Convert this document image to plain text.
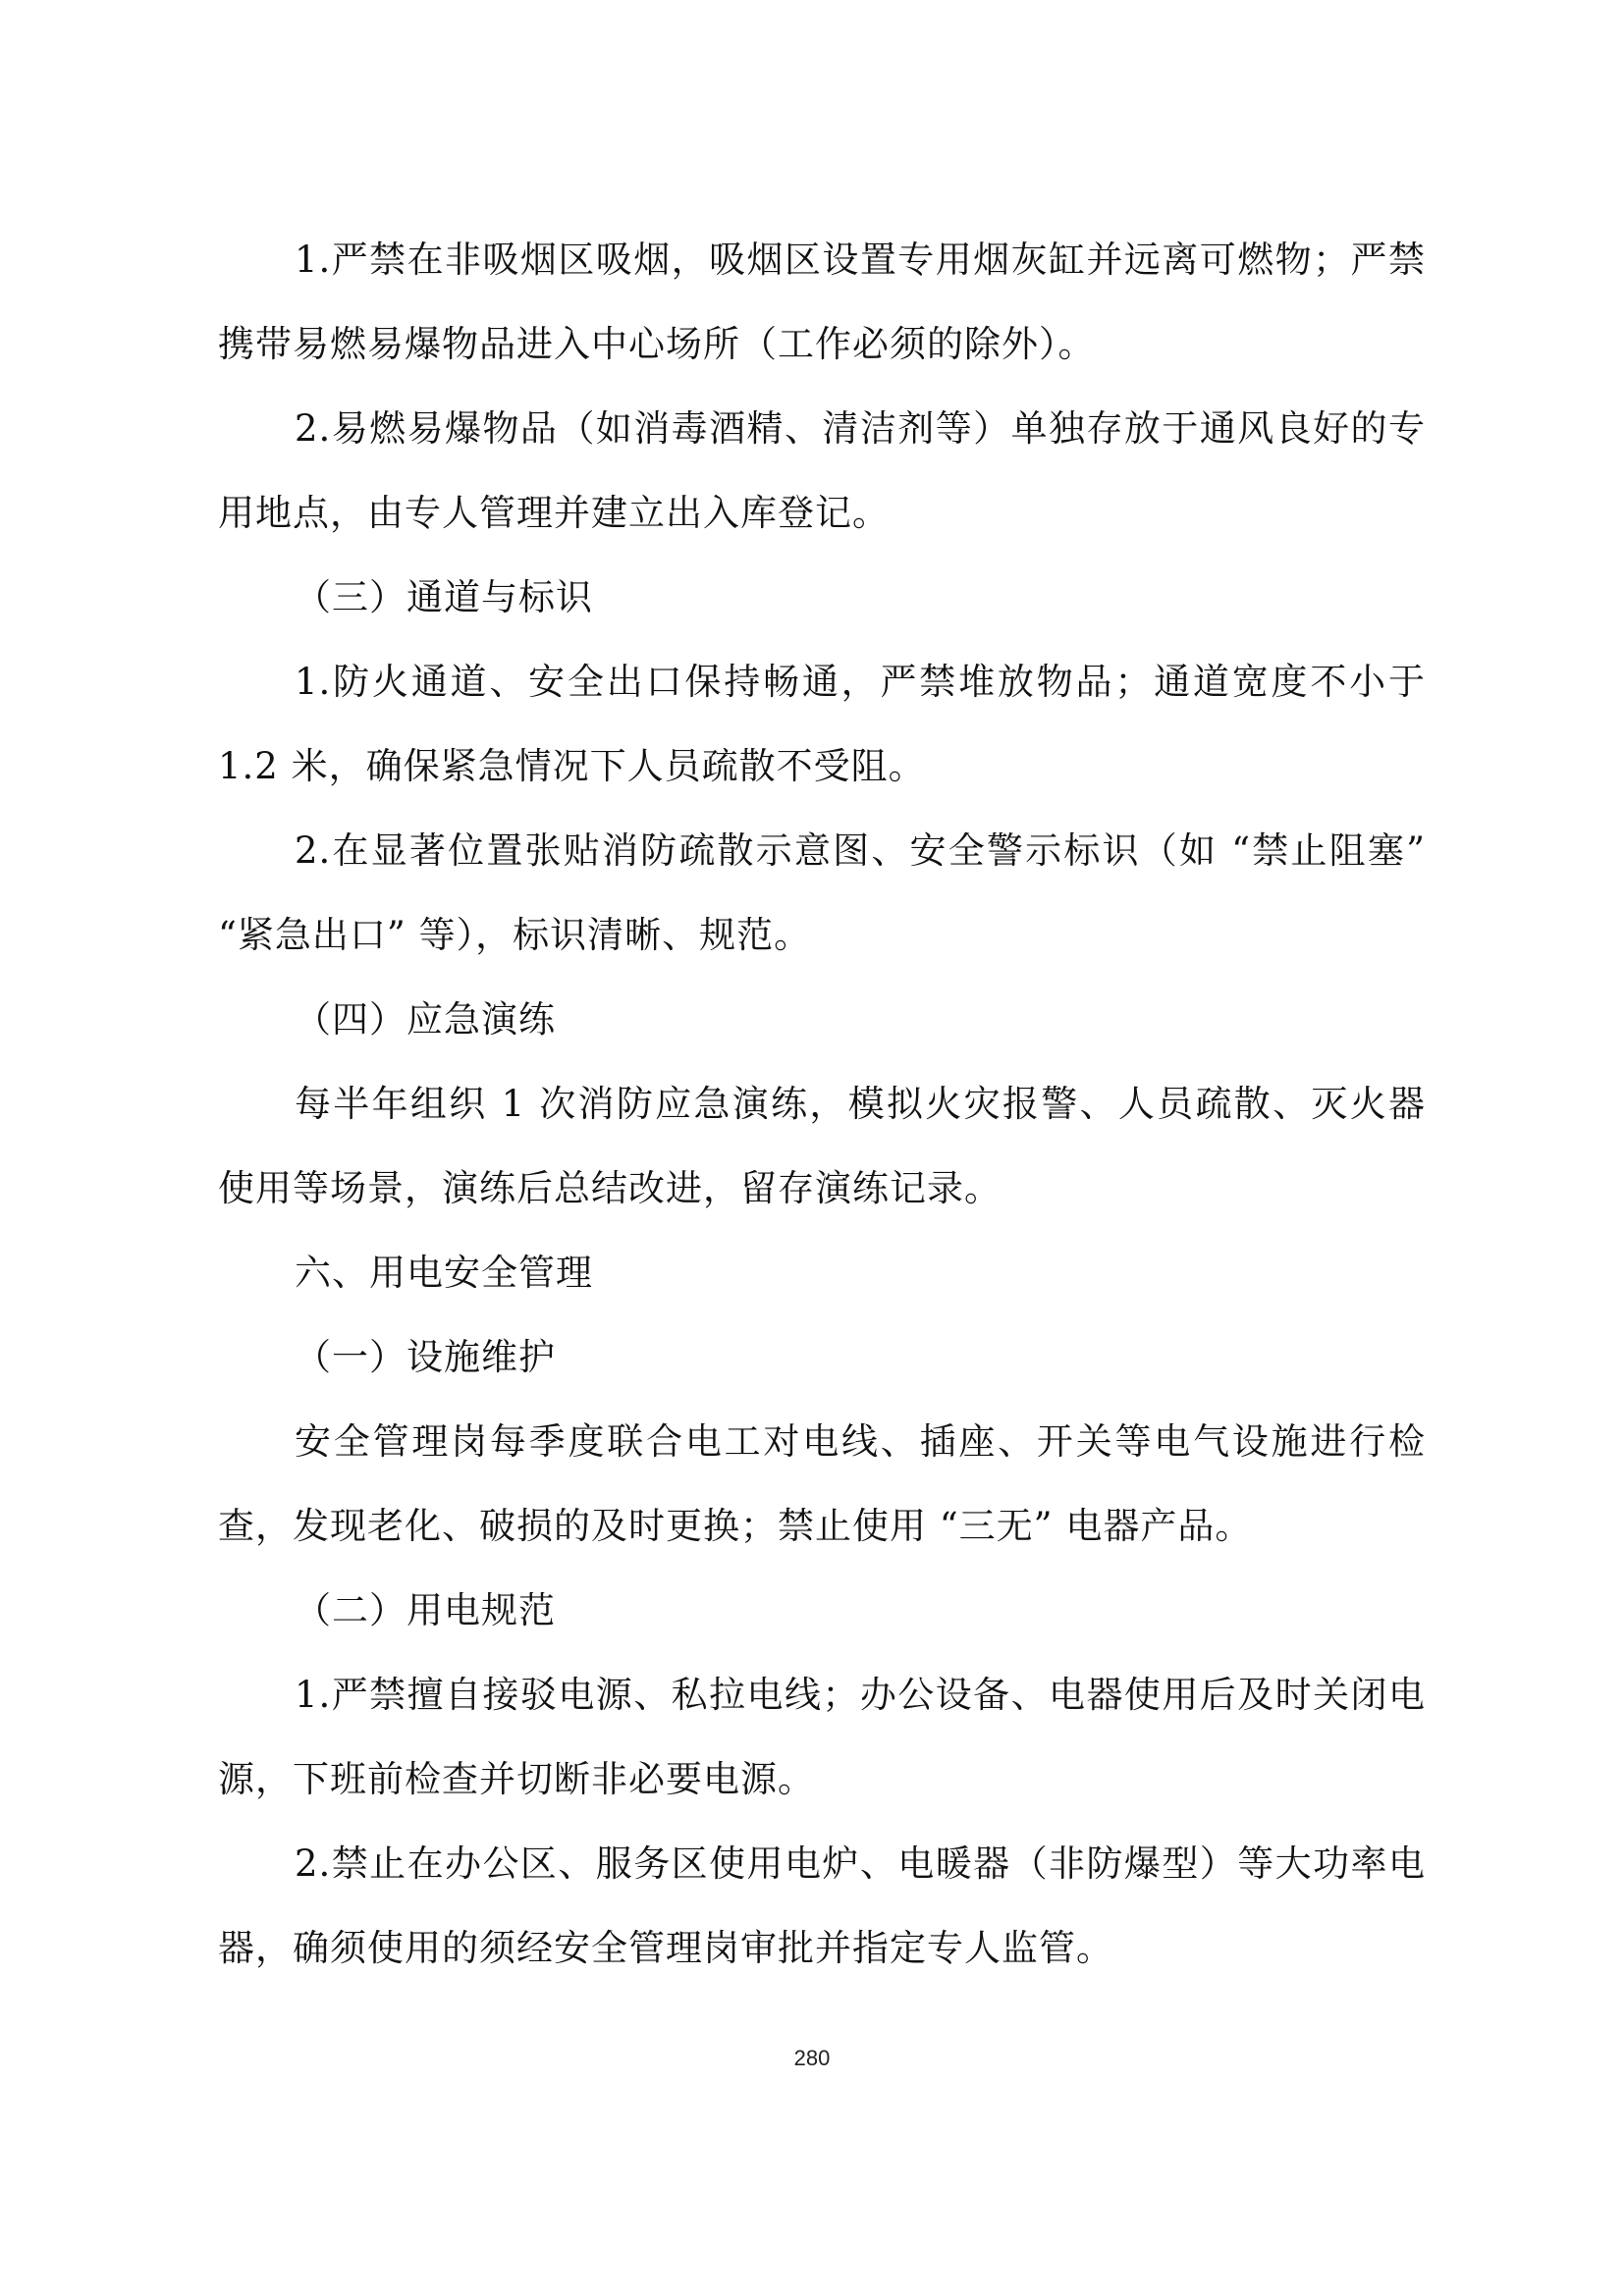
1.严禁在非吸烟区吸烟，吸烟区设置专用烟灰缸并远离可燃物；严禁携带易燃易爆物品进入中心场所（工作必须的除外）。

2.易燃易爆物品（如消毒酒精、清洁剂等）单独存放于通风良好的专用地点，由专人管理并建立出入库登记。

（三）通道与标识

1.防火通道、安全出口保持畅通，严禁堆放物品；通道宽度不小于 1.2 米，确保紧急情况下人员疏散不受阻。

2.在显著位置张贴消防疏散示意图、安全警示标识（如 “禁止阻塞” “紧急出口” 等），标识清晰、规范。

（四）应急演练

每半年组织 1 次消防应急演练，模拟火灾报警、人员疏散、灭火器使用等场景，演练后总结改进，留存演练记录。

六、用电安全管理

（一）设施维护

安全管理岗每季度联合电工对电线、插座、开关等电气设施进行检查，发现老化、破损的及时更换；禁止使用 “三无” 电器产品。

（二）用电规范

1.严禁擅自接驳电源、私拉电线；办公设备、电器使用后及时关闭电源，下班前检查并切断非必要电源。

2.禁止在办公区、服务区使用电炉、电暖器（非防爆型）等大功率电器，确须使用的须经安全管理岗审批并指定专人监管。

280
